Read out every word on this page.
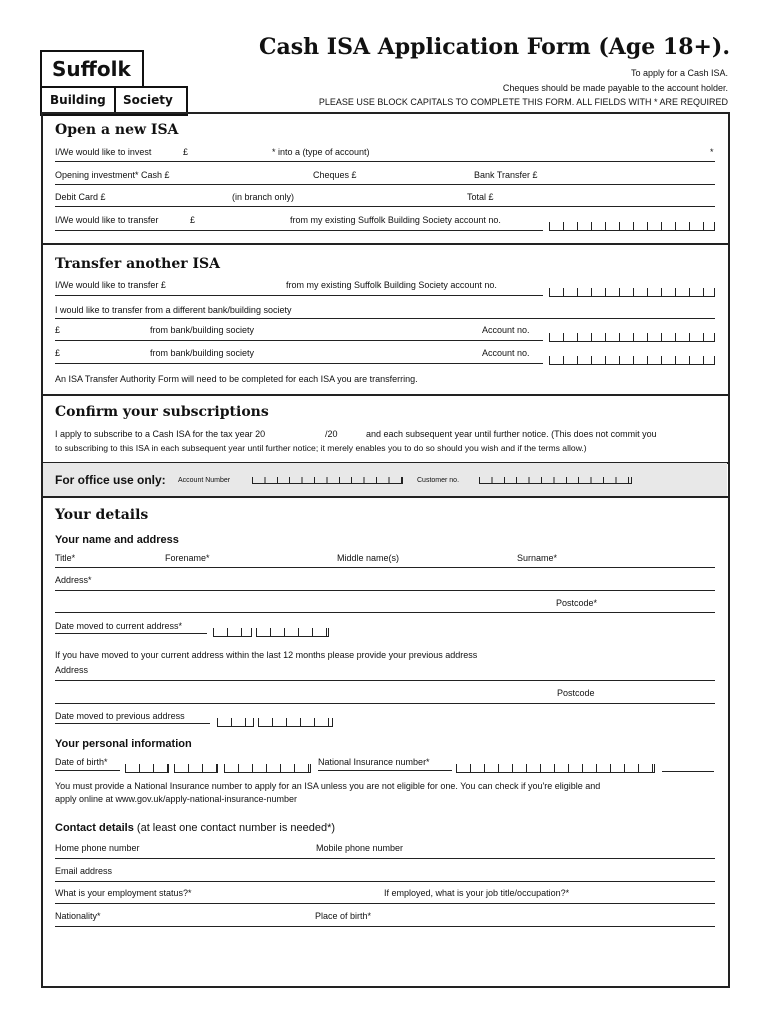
Suffolk
Building Society
Cash ISA Application Form (Age 18+).
To apply for a Cash ISA.
Cheques should be made payable to the account holder.
PLEASE USE BLOCK CAPITALS TO COMPLETE THIS FORM. ALL FIELDS WITH * ARE REQUIRED
Open a new ISA
I/We would like to invest	£	* into a (type of account)	*
Opening investment* Cash £	Cheques £	Bank Transfer £
Debit Card £	(in branch only)	Total £
I/We would like to transfer	£	from my existing Suffolk Building Society account no.
Transfer another ISA
I/We would like to transfer £	from my existing Suffolk Building Society account no.
I would like to transfer from a different bank/building society
£	from bank/building society	Account no.
£	from bank/building society	Account no.
An ISA Transfer Authority Form will need to be completed for each ISA you are transferring.
Confirm your subscriptions
I apply to subscribe to a Cash ISA for the tax year 20	/20	and each subsequent year until further notice. (This does not commit you
to subscribing to this ISA in each subsequent year until further notice; it merely enables you to do so should you wish and if the terms allow.)
For office use only: Account Number	Customer no.
Your details
Your name and address
Title*	Forename*	Middle name(s)	Surname*
Address*
Postcode*
Date moved to current address*
If you have moved to your current address within the last 12 months please provide your previous address
Address
Postcode
Date moved to previous address
Your personal information
Date of birth*	National Insurance number*
You must provide a National Insurance number to apply for an ISA unless you are not eligible for one. You can check if you're eligible and
apply online at www.gov.uk/apply-national-insurance-number
Contact details (at least one contact number is needed*)
Home phone number	Mobile phone number
Email address
What is your employment status?*	If employed, what is your job title/occupation?*
Nationality*	Place of birth*
